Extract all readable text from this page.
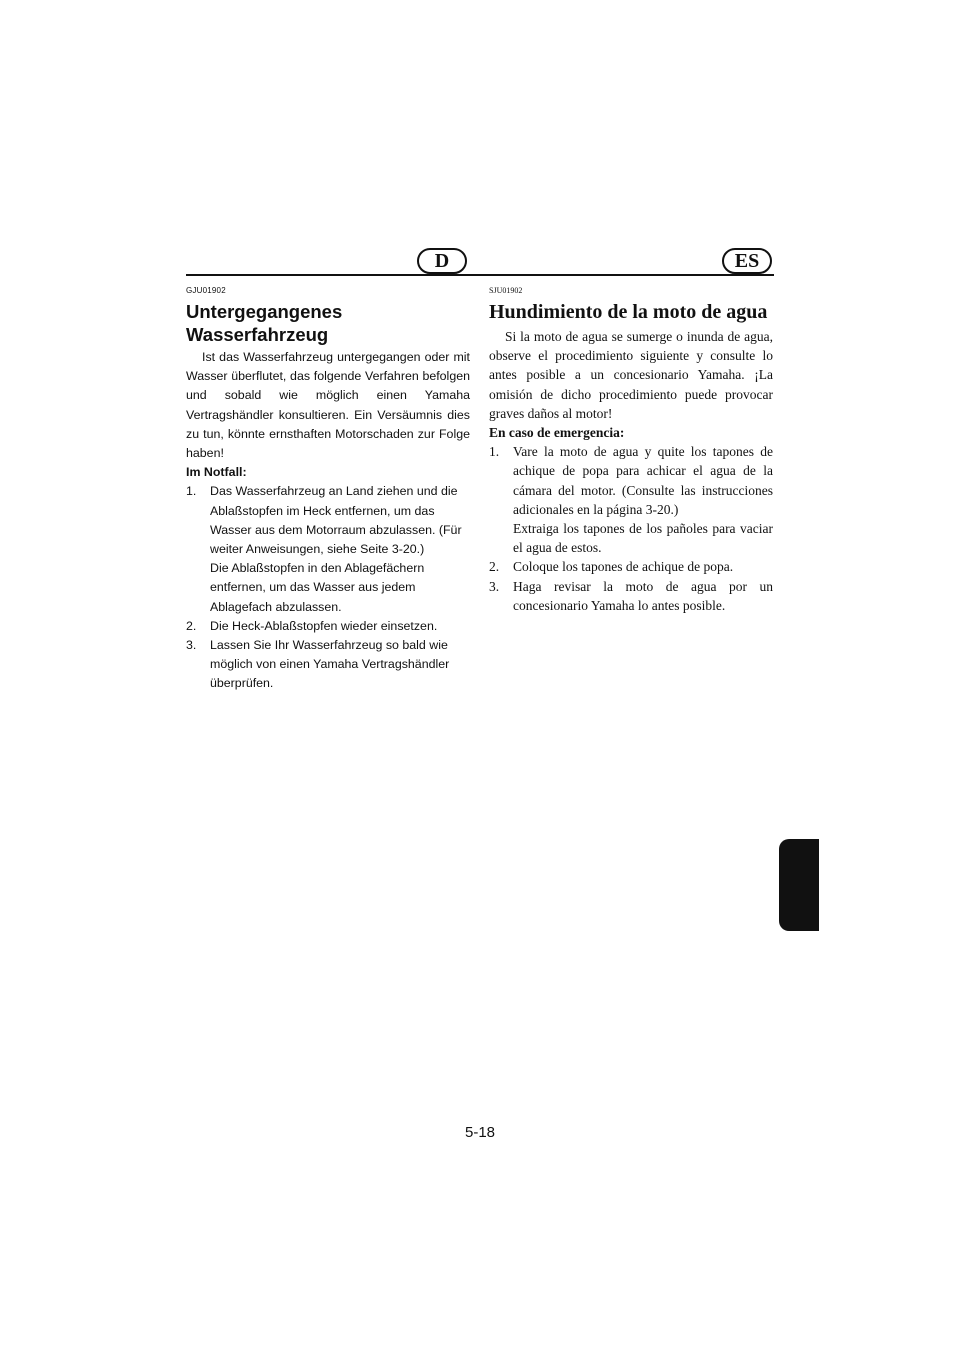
D	ES
GJU01902
Untergegangenes
Wasserfahrzeug
Ist das Wasserfahrzeug untergegangen oder mit Wasser überflutet, das folgende Verfahren befolgen und sobald wie möglich einen Yamaha Vertragshändler konsultieren. Ein Versäumnis dies zu tun, könnte ernsthaften Motorschaden zur Folge haben!
Im Notfall:
1.	Das Wasserfahrzeug an Land ziehen und die Ablaßstopfen im Heck entfernen, um das Wasser aus dem Motorraum abzulassen. (Für weiter Anweisungen, siehe Seite 3-20.)
Die Ablaßstopfen in den Ablagefächern entfernen, um das Wasser aus jedem Ablagefach abzulassen.
2.	Die Heck-Ablaßstopfen wieder einsetzen.
3.	Lassen Sie Ihr Wasserfahrzeug so bald wie möglich von einen Yamaha Vertragshändler überprüfen.
SJU01902
Hundimiento de la moto de agua
Si la moto de agua se sumerge o inunda de agua, observe el procedimiento siguiente y consulte lo antes posible a un concesionario Yamaha. ¡La omisión de dicho procedimiento puede provocar graves daños al motor!
En caso de emergencia:
1.	Vare la moto de agua y quite los tapones de achique de popa para achicar el agua de la cámara del motor. (Consulte las instrucciones adicionales en la página 3-20.)
Extraiga los tapones de los pañoles para vaciar el agua de estos.
2.	Coloque los tapones de achique de popa.
3.	Haga revisar la moto de agua por un concesionario Yamaha lo antes posible.
5-18
